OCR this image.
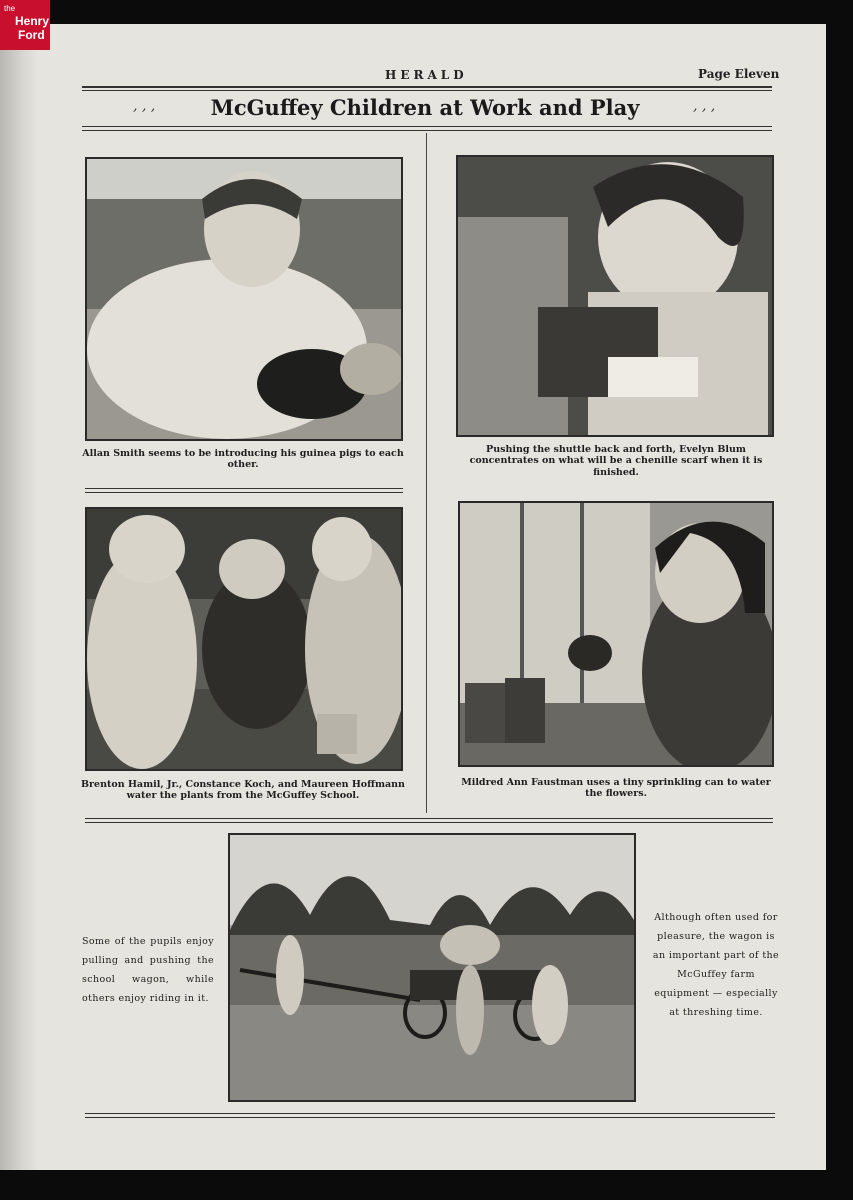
the
Henry
Ford
HERALD	Page Eleven
‚ ‚ ‚	McGuffey Children at Work and Play	‚ ‚ ‚
Allan Smith seems to be introducing his guinea pigs to each other.
Pushing the shuttle back and forth, Evelyn Blum concentrates on what will be a chenille scarf when it is finished.
Brenton Hamil, Jr., Constance Koch, and Maureen Hoffmann water the plants from the McGuffey School.
Mildred Ann Faustman uses a tiny sprinkling can to water the flowers.
Some of the pupils enjoy pulling and pushing the school wagon, while others enjoy riding in it.
Although often used for pleasure, the wagon is an important part of the McGuffey farm equipment — especially at threshing time.
